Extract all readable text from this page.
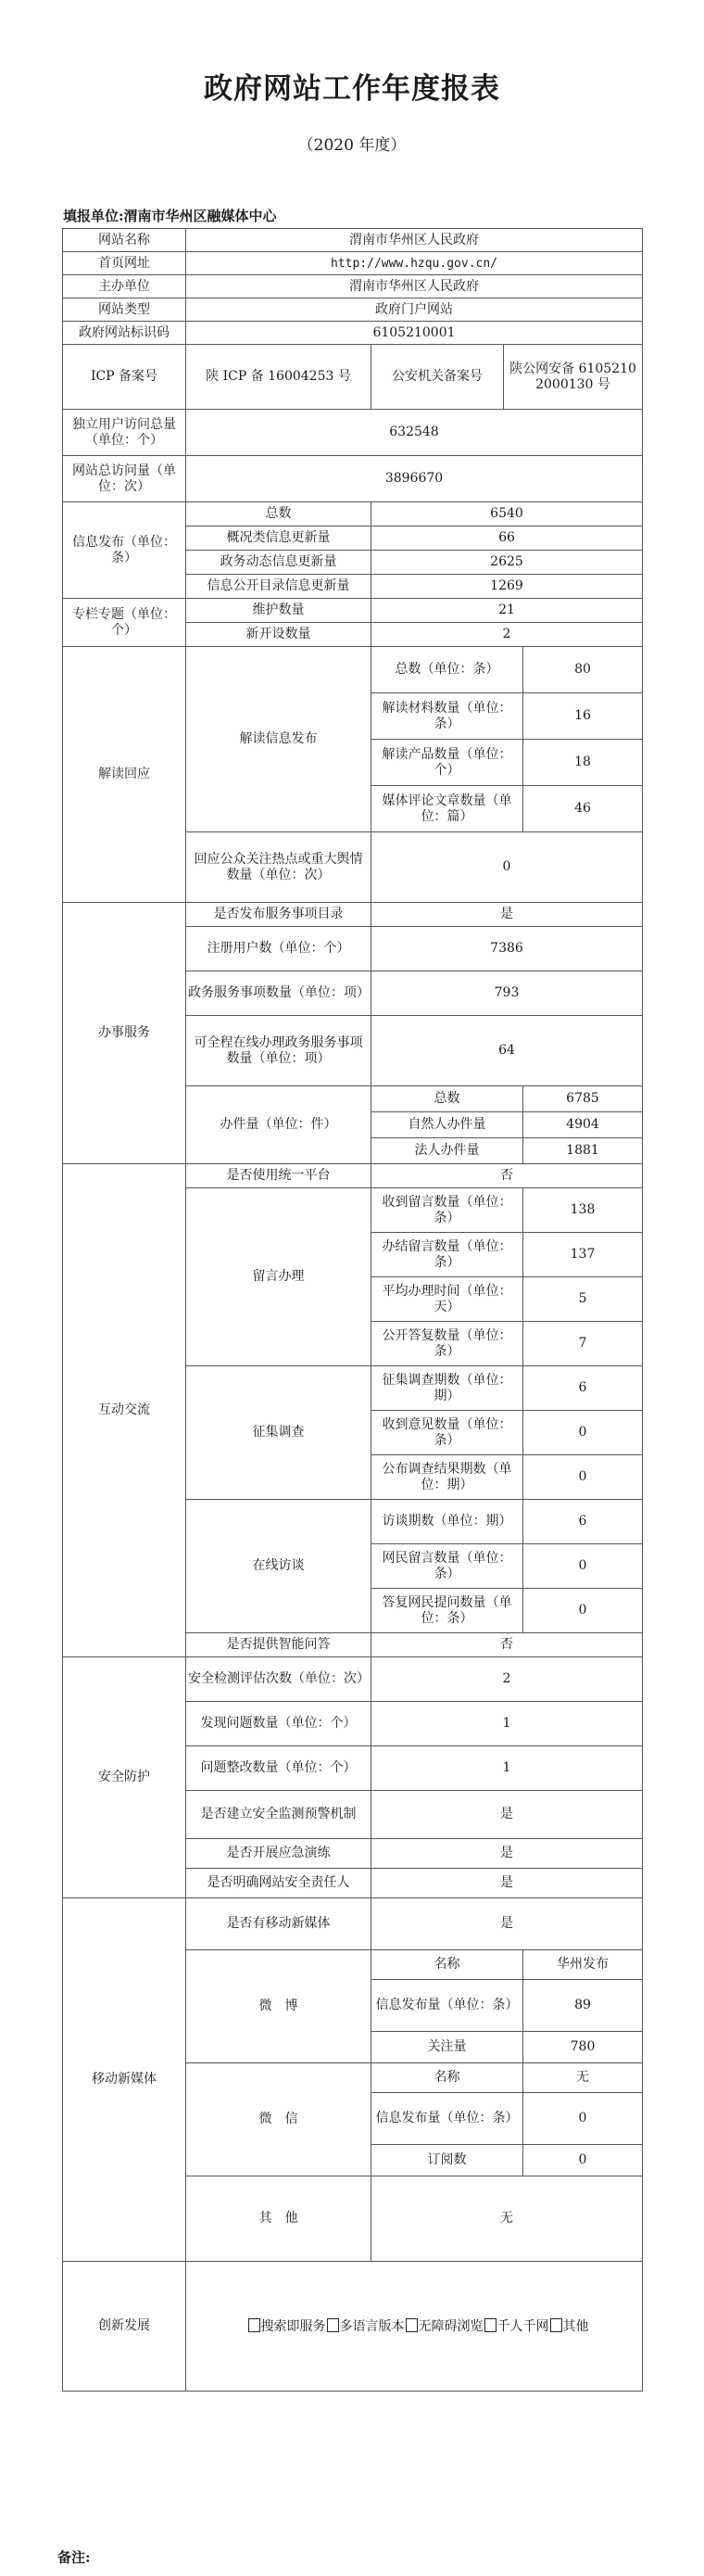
政府网站工作年度报表
（2020 年度）
填报单位:渭南市华州区融媒体中心
网站名称	渭南市华州区人民政府			
首页网址	http://www.hzqu.gov.cn/			
主办单位	渭南市华州区人民政府			
网站类型	政府门户网站			
政府网站标识码	6105210001			
ICP 备案号	陕 ICP 备 16004253 号	公安机关备案号	陕公网安备 61052102000130 号	
独立用户访问总量（单位：个）	632548			
网站总访问量（单位：次）	3896670			
信息发布（单位：条）	总数	6540		
	概况类信息更新量	66		
	政务动态信息更新量	2625		
	信息公开目录信息更新量	1269		
专栏专题（单位：个）	维护数量	21		
	新开设数量	2		
解读回应	解读信息发布	总数（单位：条）		80
		解读材料数量（单位：条）		16
		解读产品数量（单位：个）		18
		媒体评论文章数量（单位：篇）		46
	回应公众关注热点或重大舆情数量（单位：次）	0		
办事服务	是否发布服务事项目录	是		
	注册用户数（单位：个）	7386		
	政务服务事项数量（单位：项）	793		
	可全程在线办理政务服务事项数量（单位：项）	64		
	办件量（单位：件）	总数		6785
		自然人办件量		4904
		法人办件量		1881
互动交流	是否使用统一平台	否		
	留言办理	收到留言数量（单位：条）		138
		办结留言数量（单位：条）		137
		平均办理时间（单位：天）		5
		公开答复数量（单位：条）		7
	征集调查	征集调查期数（单位：期）		6
		收到意见数量（单位：条）		0
		公布调查结果期数（单位：期）		0
	在线访谈	访谈期数（单位：期）		6
		网民留言数量（单位：条）		0
		答复网民提问数量（单位：条）		0
	是否提供智能问答	否		
安全防护	安全检测评估次数（单位：次）	2		
	发现问题数量（单位：个）	1		
	问题整改数量（单位：个）	1		
	是否建立安全监测预警机制	是		
	是否开展应急演练	是		
	是否明确网站安全责任人	是		
移动新媒体	是否有移动新媒体	是		
	微　博	名称		华州发布
		信息发布量（单位：条）		89
		关注量		780
	微　信	名称		无
		信息发布量（单位：条）		0
		订阅数		0
	其　他	无		
创新发展	搜索即服务 多语言版本 无障碍浏览 千人千网 其他			
备注:
